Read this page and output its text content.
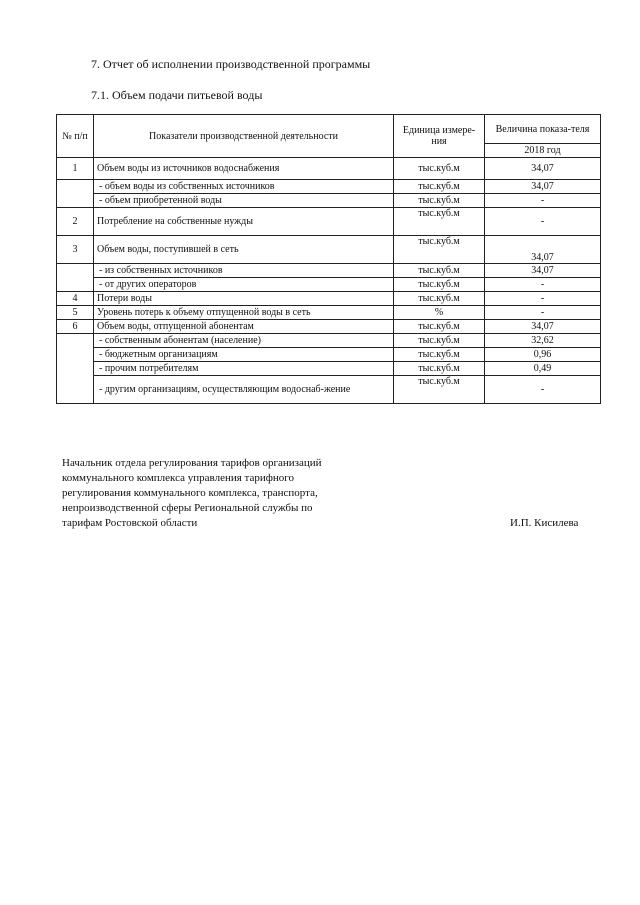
7. Отчет об исполнении производственной программы
7.1. Объем подачи питьевой воды
№ п/п	Показатели производственной деятельности	Единица измере-ния	Величина показа-теля
			2018 год
1	Объем воды из источников водоснабжения	тыс.куб.м	34,07
	- объем воды из собственных источников	тыс.куб.м	34,07
	- объем приобретенной воды	тыс.куб.м	-
2	Потребление на собственные нужды	тыс.куб.м	-
3	Объем воды, поступившей в сеть	тыс.куб.м	34,07
	- из собственных источников	тыс.куб.м	34,07
	- от других операторов	тыс.куб.м	-
4	Потери воды	тыс.куб.м	-
5	Уровень потерь к объему отпущенной воды в сеть	%	-
6	Объем воды, отпущенной абонентам	тыс.куб.м	34,07
	- собственным абонентам (население)	тыс.куб.м	32,62
	- бюджетным организациям	тыс.куб.м	0,96
	- прочим потребителям	тыс.куб.м	0,49
	- другим организациям, осуществляющим водоснаб-жение	тыс.куб.м	-
Начальник отдела регулирования тарифов организаций
коммунального комплекса управления тарифного
регулирования коммунального комплекса, транспорта,
непроизводственной сферы Региональной службы по
тарифам Ростовской области	И.П. Кисилева
